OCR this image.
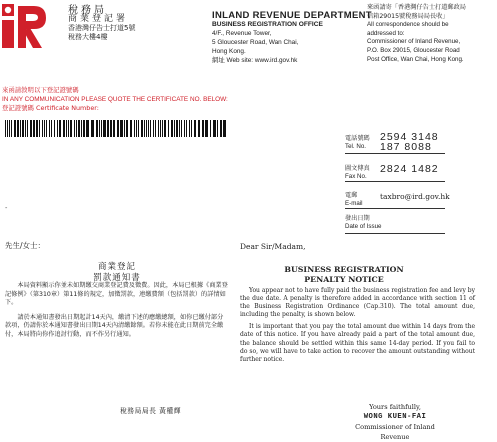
稅務局
商業登記署
香港灣仔告士打道5號
稅務大樓4樓
INLAND REVENUE DEPARTMENT
BUSINESS REGISTRATION OFFICE
4/F., Revenue Tower,
5 Gloucester Road, Wan Chai,
Hong Kong.
網址 Web site: www.ird.gov.hk
來函請寄「香港灣仔告士打道郵政局
信箱29015號稅務局局長收」
All correspondence should be
addressed to:
Commissioner of Inland Revenue,
P.O. Box 29015, Gloucester Road
Post Office, Wan Chai, Hong Kong.
來函請敘明以下登記證號碼
IN ANY COMMUNICATION PLEASE QUOTE THE CERTIFICATE NO. BELOW:
登記證號碼 Certificate Number:
-
電話號碼
Tel. No.
2594 3148
187 8088
圖文傳真
Fax No.
2824 1482
電郵
E-mail
taxbro@ird.gov.hk
發出日期
Date of Issue
先生/女士：	Dear Sir/Madam,
商業登記
罰款通知書
BUSINESS REGISTRATION
PENALTY NOTICE

本局資料顯示你並未如期繳交商業登記費及徵費。因此，本局已根據《商業登記條例》（第310章）第11條的規定，加徵罰款，連繳費額（包括罰款）的詳情如下。

請於本通知書發出日期起計14天內，繳清下述的應繳總額，如你已繳付部分款項，仍請你於本通知書發出日期14天內清繳餘額。若你未能在此日期前完全繳付，本局將向你作追討行動，而不作另行通知。

You appear not to have fully paid the business registration fee and levy by the due date. A penalty is therefore added in accordance with section 11 of the Business Registration Ordinance (Cap.310). The total amount due, including the penalty, is shown below.

It is important that you pay the total amount due within 14 days from the date of this notice. If you have already paid a part of the total amount due, the balance should be settled within this same 14-day period. If you fail to do so, we will have to take action to recover the amount outstanding without further notice.

稅務局局長 黃權輝	Yours faithfully,
WONG KUEN-FAI
Commissioner of Inland Revenue
